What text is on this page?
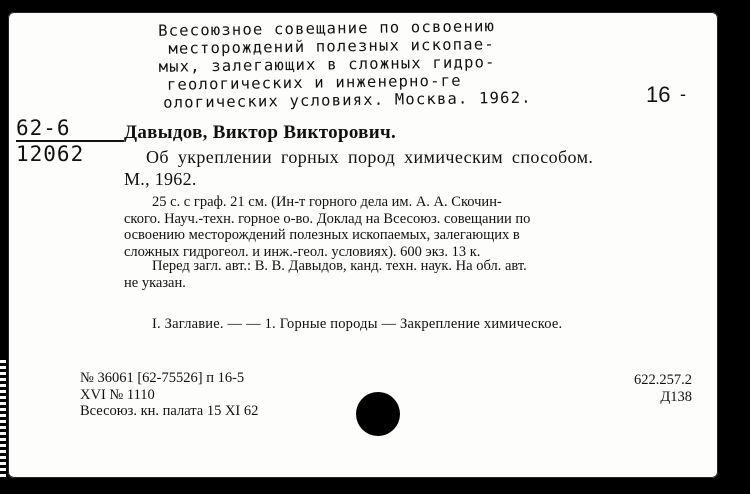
Всесоюзное совещание по освоению
месторождений полезных ископае-
мых, залегающих в сложных гидро-
геологических и инженерно-ге
ологических условиях. Москва. 1962.	16 -
62-6
12062
Давыдов, Виктор Викторович.
Об укреплении горных пород химическим способом.
М., 1962.
25 с. с граф. 21 см. (Ин-т горного дела им. А. А. Скочин-
ского. Науч.-техн. горное о-во. Доклад на Всесоюз. совещании по
освоению месторождений полезных ископаемых, залегающих в
сложных гидрогеол. и инж.-геол. условиях). 600 экз. 13 к.
Перед загл. авт.: В. В. Давыдов, канд. техн. наук. На обл. авт.
не указан.
I. Заглавие. — — 1. Горные породы — Закрепление химическое.
№ 36061 [62-75526] п 16-5
XVI № 1110
Всесоюз. кн. палата 15 XI 62
622.257.2
Д138
